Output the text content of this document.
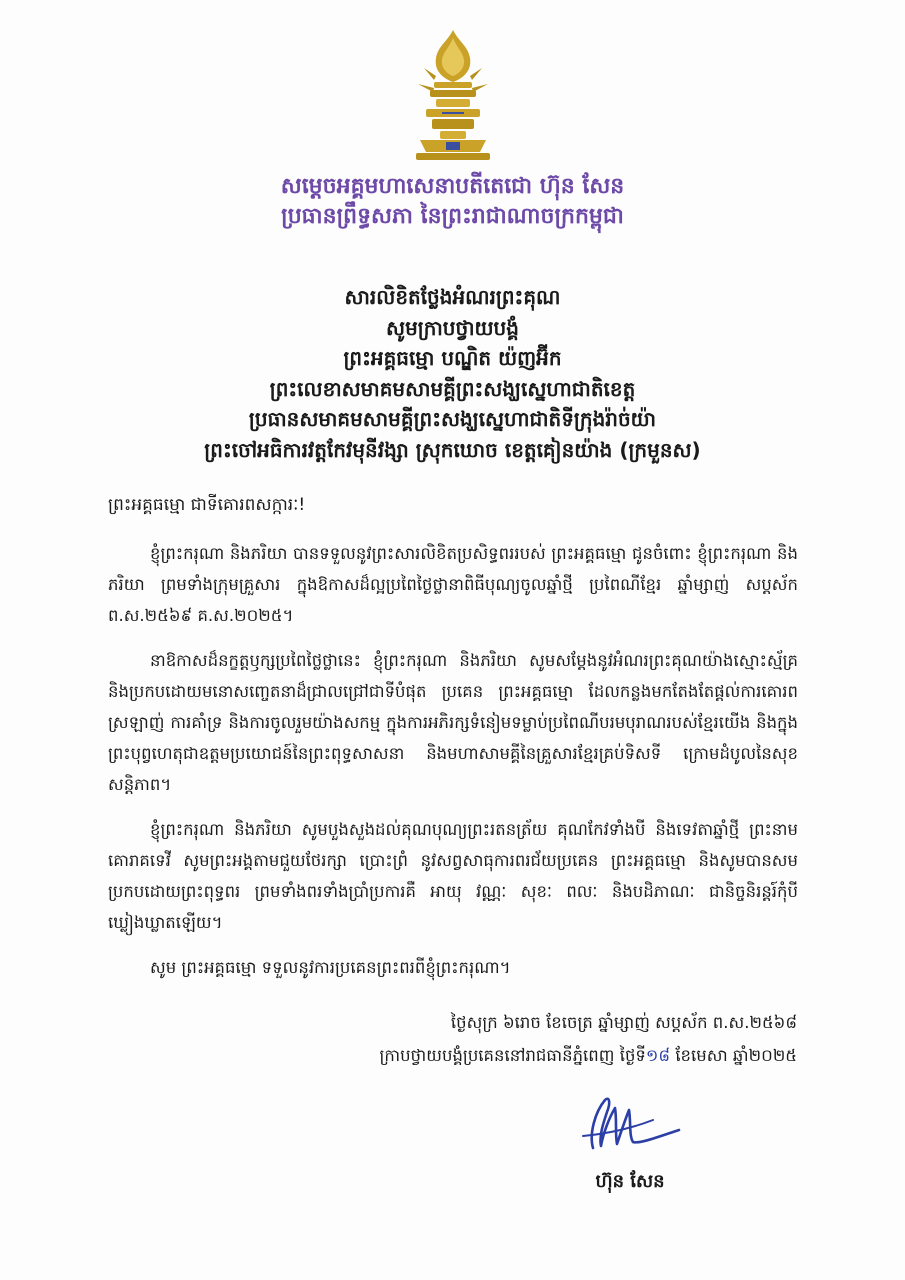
សម្តេចអគ្គមហាសេនាបតីតេជោ ហ៊ុន សែន
ប្រធានព្រឹទ្ធសភា នៃព្រះរាជាណាចក្រកម្ពុជា
សារលិខិតថ្លែងអំណរព្រះគុណ
សូមក្រាបថ្វាយបង្គំ
ព្រះអគ្គធម្មោ បណ្ឌិត យ៉ញអ៊ីក
ព្រះលេខាសមាគមសាមគ្គីព្រះសង្ឃស្នេហាជាតិខេត្ត
ប្រធានសមាគមសាមគ្គីព្រះសង្ឃស្នេហាជាតិទីក្រុងរ៉ាច់យ៉ា
ព្រះចៅអធិការវត្តកែវមុនីវង្សា ស្រុកឃោច ខេត្តគៀនយ៉ាង (ក្រមួនស)
ព្រះអគ្គធម្មោ ជាទីគោរពសក្ការៈ!

ខ្ញុំព្រះករុណា និងភរិយា បានទទួលនូវព្រះសារលិខិតប្រសិទ្ធពររបស់ ព្រះអគ្គធម្មោ ជូនចំពោះ ខ្ញុំព្រះករុណា និងភរិយា ព្រមទាំងក្រុមគ្រួសារ ក្នុងឱកាសដ៏ល្អប្រពៃថ្ងៃថ្លានាពិធីបុណ្យចូលឆ្នាំថ្មី ប្រពៃណីខ្មែរ ឆ្នាំម្សាញ់ សប្តស័ក ព.ស.២៥៦៩ គ.ស.២០២៥។

នាឱកាសដ៏នក្ខត្តឫក្សប្រពៃថ្លៃថ្លានេះ ខ្ញុំព្រះករុណា និងភរិយា សូមសម្តែងនូវអំណរព្រះគុណយ៉ាងស្មោះស្ម័គ្រ និងប្រកបដោយមនោសញ្ចេតនាដ៏ជ្រាលជ្រៅជាទីបំផុត ប្រគេន ព្រះអគ្គធម្មោ ដែលកន្លងមកតែងតែផ្តល់ការគោរពស្រឡាញ់ ការគាំទ្រ និងការចូលរួមយ៉ាងសកម្ម ក្នុងការអភិរក្សទំនៀមទម្លាប់ប្រពៃណីបរមបុរាណរបស់ខ្មែរយើង និងក្នុងព្រះបុព្វហេតុជាឧត្តមប្រយោជន៍នៃព្រះពុទ្ធសាសនា និងមហាសាមគ្គីនៃគ្រួសារខ្មែរគ្រប់ទិសទី ក្រោមដំបូលនៃសុខសន្តិភាព។

ខ្ញុំព្រះករុណា និងភរិយា សូមបួងសួងដល់គុណបុណ្យព្រះរតនត្រ័យ គុណកែវទាំងបី និងទេវតាឆ្នាំថ្មី ព្រះនាម គោរាគទេវី សូមព្រះអង្គតាមជួយថែរក្សា ប្រោះព្រំ នូវសព្វសាធុការពរជ័យប្រគេន ព្រះអគ្គធម្មោ និងសូមបានសមប្រកបដោយព្រះពុទ្ធពរ ព្រមទាំងពរទាំងប្រាំប្រការគឺ អាយុ វណ្ណៈ សុខៈ ពលៈ និងបដិភាណៈ ជានិច្ចនិរន្តរ៍កុំបីឃ្លៀងឃ្លាតឡើយ។

សូម ព្រះអគ្គធម្មោ ទទួលនូវការប្រគេនព្រះពរពីខ្ញុំព្រះករុណា។

ថ្ងៃសុក្រ ៦រោច ខែចេត្រ ឆ្នាំម្សាញ់ សប្តស័ក ព.ស.២៥៦៨
ក្រាបថ្វាយបង្គំប្រគេននៅរាជធានីភ្នំពេញ ថ្ងៃទី១៨ ខែមេសា ឆ្នាំ២០២៥
ហ៊ុន សែន
